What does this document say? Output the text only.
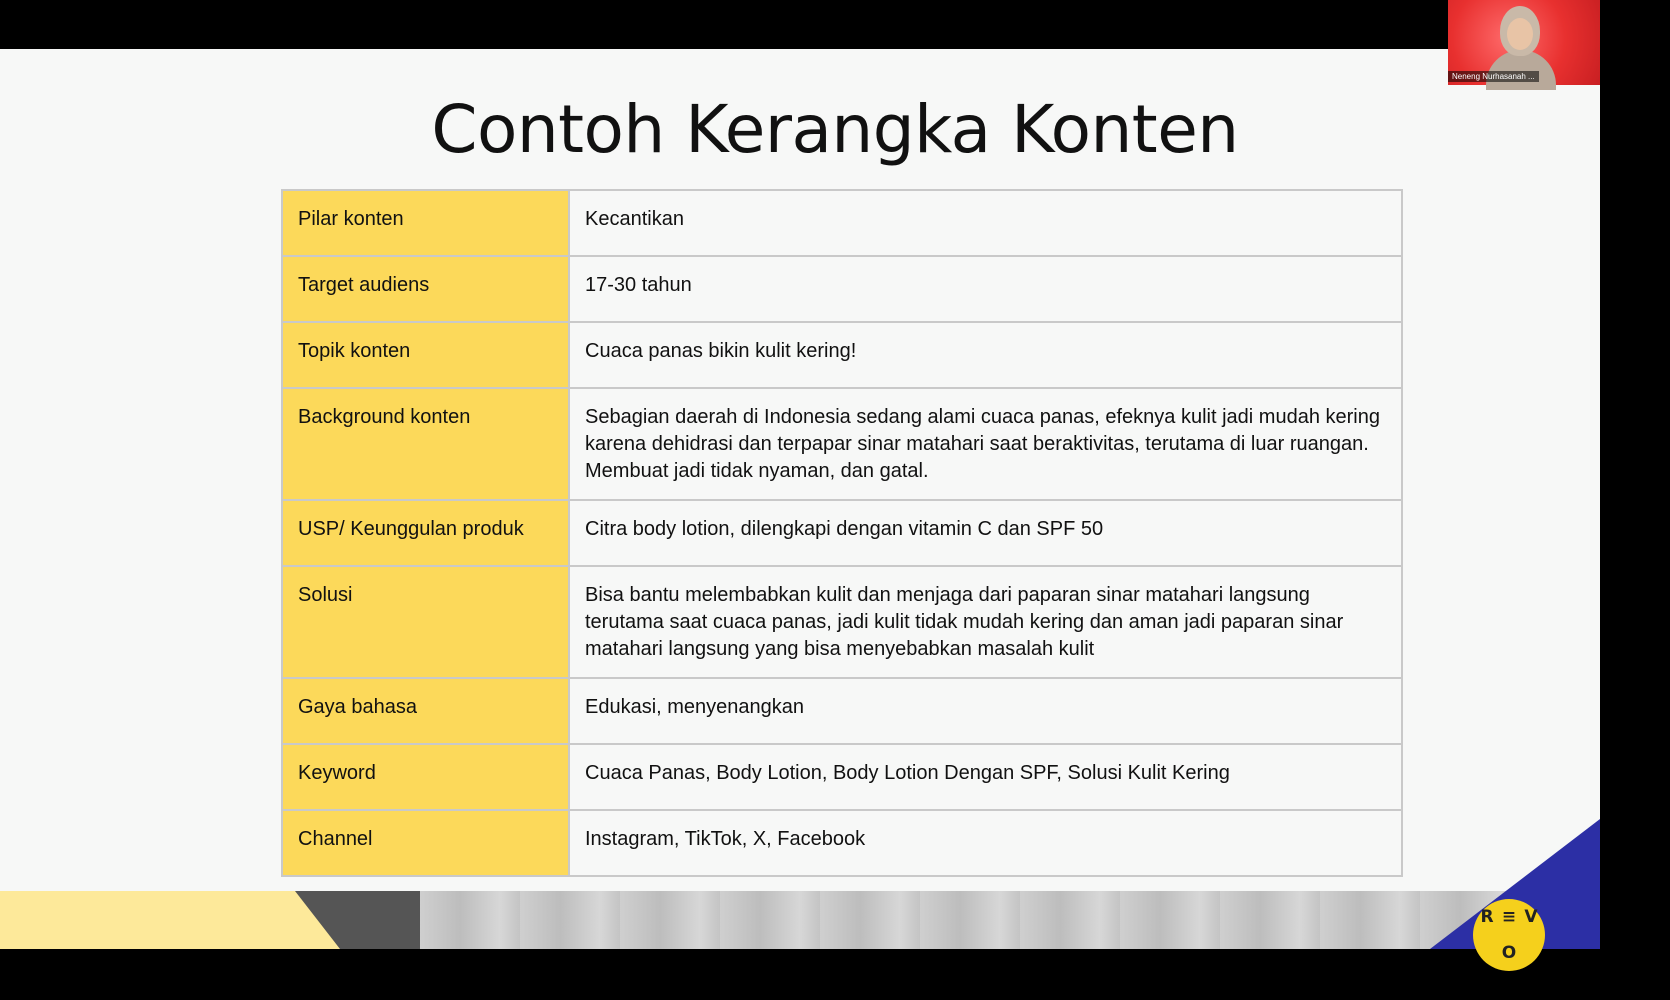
Contoh Kerangka Konten
Pilar konten	Kecantikan
Target audiens	17-30 tahun
Topik konten	Cuaca panas bikin kulit kering!
Background konten	Sebagian daerah di Indonesia sedang alami cuaca panas, efeknya kulit jadi mudah kering karena dehidrasi dan terpapar sinar matahari saat beraktivitas, terutama di luar ruangan. Membuat jadi tidak nyaman, dan gatal.
USP/ Keunggulan produk	Citra body lotion, dilengkapi dengan vitamin C dan SPF 50
Solusi	Bisa bantu melembabkan kulit dan menjaga dari paparan sinar matahari langsung terutama saat cuaca panas, jadi kulit tidak mudah kering dan aman jadi paparan sinar matahari langsung yang bisa menyebabkan masalah kulit
Gaya bahasa	Edukasi, menyenangkan
Keyword	Cuaca Panas, Body Lotion, Body Lotion Dengan SPF, Solusi Kulit Kering
Channel	Instagram, TikTok, X, Facebook
R ≡ V
O
Neneng Nurhasanah ...
